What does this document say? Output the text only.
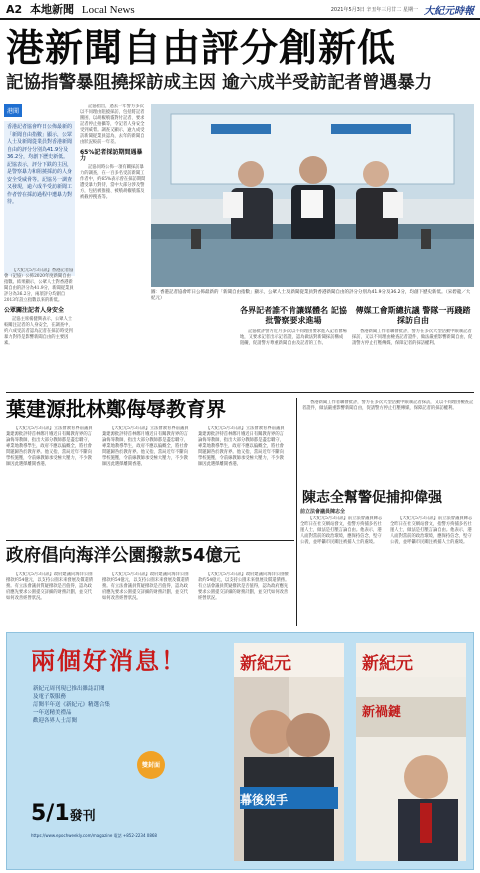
A2 本地新聞 Local News	2021年5月3日 辛丑年三月廿二 星期一 大紀元時報
港新聞自由評分創新低
記協指警暴阻撓採訪成主因 逾六成半受訪記者曾遇暴力
港聞
香港記者協會昨日公佈最新的「新聞自由指數」顯示，公眾人士及新聞從業員對香港新聞自由的評分分別為41.9分及36.2分，均創下歷史新低。記協表示，評分下跌的主因，是警察暴力和阻撓採訪的人身安全受威脅等。記協另一調查又發現，逾六成半受訪新聞工作者曾在採訪過程中遭暴力對待。

【大紀元5月3日訊】香港記者協會（記協）公佈2020年度新聞自由指數。結果顯示，公眾人士對香港新聞自由的評分為41.9分，新聞從業員評分為36.2分，兩項評分均創自2013年設立指數以來的新低。

公眾關注記者人身安全

記協主席楊健興表示，公眾人士較關注記者的人身安全，在調查中，約六成受訪者認為記者在採訪時受到暴力對待是影響新聞自由的主要因素。

記協指出，過去一年警方多次以不同理由阻撓採訪，包括將記者圍困、以胡椒噴霧對付記者、要求記者停止拍攝等，令記者人身安全受到威脅。調查又顯示，逾九成受訪新聞從業員認為，去年的新聞自由狀況較前一年差。

65%記者採訪期間遇暴力

記協同時公佈一項有關採訪暴力的調查，在一百多名受訪新聞工作者中，約65%表示曾在採訪期間遭受暴力對待，當中大部分涉及警方，包括被推撞、被噴胡椒噴霧及被截停搜查等。

圖：香港記者協會昨日公佈最新的「新聞自由指數」顯示，公眾人士及新聞從業員對香港新聞自由的評分分別為41.9分及36.2分，均創下歷史新低。（宋碧龍／大紀元）
各界記者誰不肯讓媒體名 記協批警察要求進場

記協批評警方近月多次以不同理由要求進入記者會場地，又要求記者出示記者證，認為做法對新聞採訪構成阻礙，促請警方尊重新聞自由及記者的工作。

傳媒工會斯總抗議 警隊一再踐踏採訪自由

香港新聞工作者聯會批評，警方在多次大型活動中限制記者採訪，又以不同理由檢查記者證件，做法嚴重影響新聞自由，促請警方停止打壓傳媒，保障記者的採訪權利。

葉建源批林鄭侮辱教育界

【大紀元5月3日訊】立法會教育界前議員葉建源批評特首林鄭月娥近日有關教育界的言論侮辱教師，指出大部分教師都是盡忠職守，專業地教導學生，政府不應以偏概全，將社會問題歸咎於教育界。他又指，當局近年不斷向學校施壓，令前線教師承受極大壓力，不少教師因此選擇離開香港。

【大紀元5月3日訊】立法會教育界前議員葉建源批評特首林鄭月娥近日有關教育界的言論侮辱教師，指出大部分教師都是盡忠職守，專業地教導學生，政府不應以偏概全，將社會問題歸咎於教育界。他又指，當局近年不斷向學校施壓，令前線教師承受極大壓力，不少教師因此選擇離開香港。

【大紀元5月3日訊】立法會教育界前議員葉建源批評特首林鄭月娥近日有關教育界的言論侮辱教師，指出大部分教師都是盡忠職守，專業地教導學生，政府不應以偏概全，將社會問題歸咎於教育界。他又指，當局近年不斷向學校施壓，令前線教師承受極大壓力，不少教師因此選擇離開香港。

香港新聞工作者聯會批評，警方在多次大型活動中限制記者採訪，又以不同理由檢查記者證件，做法嚴重影響新聞自由，促請警方停止打壓傳媒，保障記者的採訪權利。

陳志全幫警促捕抑偉强
前立法會議員陳志全

【大紀元5月3日訊】前立法會議員陳志全昨日在社交網站發文，指警方拘捕多名社運人士，做法是打壓言論自由。他表示，港人面對當前的政治環境，應保持信念，堅守公義，並呼籲市民關注被捕人士的處境。

【大紀元5月3日訊】前立法會議員陳志全昨日在社交網站發文，指警方拘捕多名社運人士，做法是打壓言論自由。他表示，港人面對當前的政治環境，應保持信念，堅守公義，並呼籲市民關注被捕人士的處境。

政府倡向海洋公園撥款54億元

【大紀元5月3日訊】政府建議向海洋公園撥款約54億元，以支持公園未來發展及償還債務。有立法會議員質疑撥款是否值得，認為政府應先要求公園提交詳細的財務計劃，並交代如何改善經營狀況。

【大紀元5月3日訊】政府建議向海洋公園撥款約54億元，以支持公園未來發展及償還債務。有立法會議員質疑撥款是否值得，認為政府應先要求公園提交詳細的財務計劃，並交代如何改善經營狀況。

【大紀元5月3日訊】政府建議向海洋公園撥款約54億元，以支持公園未來發展及償還債務。有立法會議員質疑撥款是否值得，認為政府應先要求公園提交詳細的財務計劃，並交代如何改善經營狀況。

兩個好消息！
新紀元周刊現已推出雜誌訂閱
及電子版服務
訂閱半年送《新紀元》精選合集
一年送精美禮品
歡迎各界人士訂閱
雙封面
5/1發刊
https://www.epochweekly.com/magazine 電話 +852-2234 0868
新紀元
幕後兇手
新紀元
新禍鏈
